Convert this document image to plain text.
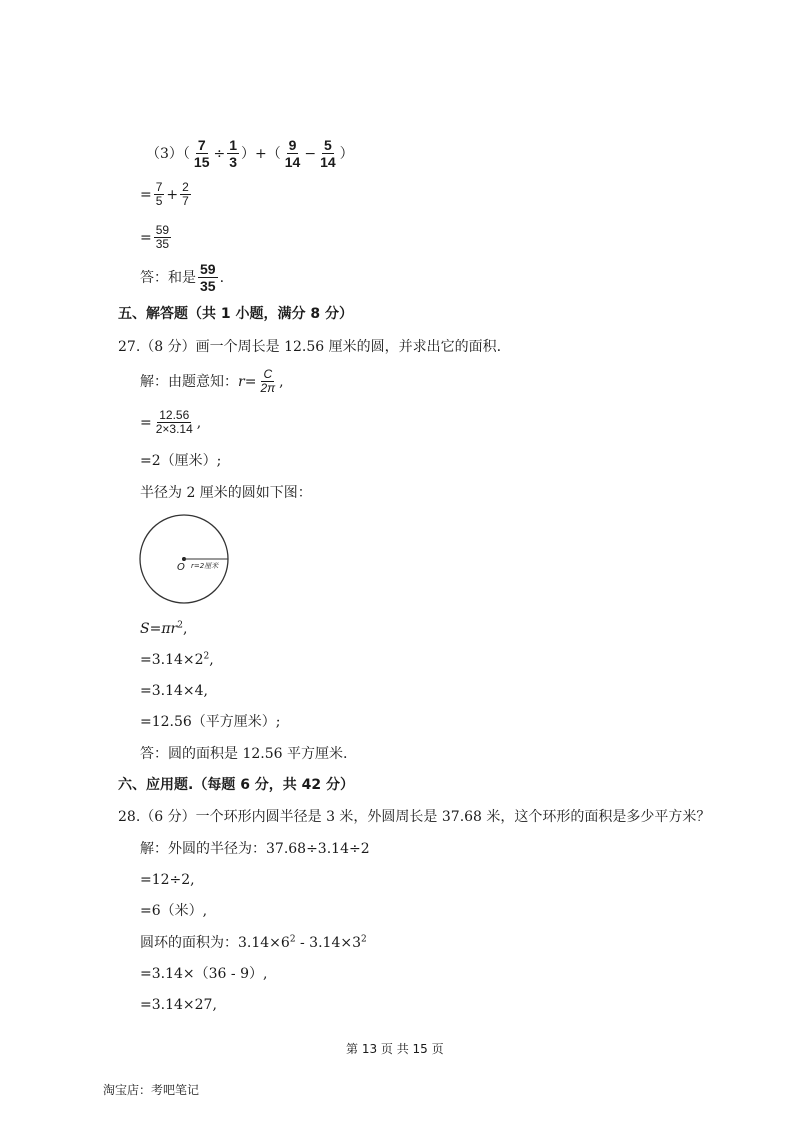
$(3)( \frac{7}{15} \div \frac{1}{3}$ ）+（ $\frac{9}{14} - \frac{5}{14}$ ）
= $\frac{7}{5} + \frac{2}{7}$
= $\frac{59}{35}$
答：和是 $\frac{59}{35}$ .
五、解答题（共 1 小题，满分 8 分）
27.（8 分）画一个周长是 12.56 厘米的圆，并求出它的面积.
解：由题意知：$r= \frac{C}{2\pi}$ ,
= $\frac{12.56}{2\times 3.14}$ ,
=2（厘米）;
半径为 2 厘米的圆如下图：
O r=2厘米
$S=\pi r^2$,
$=3.14\times 2^2$,
=3.14×4,
=12.56（平方厘米）;
答：圆的面积是 12.56 平方厘米.
六、应用题.（每题 6 分，共 42 分）
28.（6 分）一个环形内圆半径是 3 米，外圆周长是 37.68 米，这个环形的面积是多少平方米？
解：外圆的半径为：37.68÷3.14÷2
=12÷2,
=6（米）,
圆环的面积为：$3.14\times 6^2 - 3.14\times 3^2$
=3.14×（36 - 9）,
=3.14×27,
第 13 页 共 15 页
淘宝店：考吧笔记
